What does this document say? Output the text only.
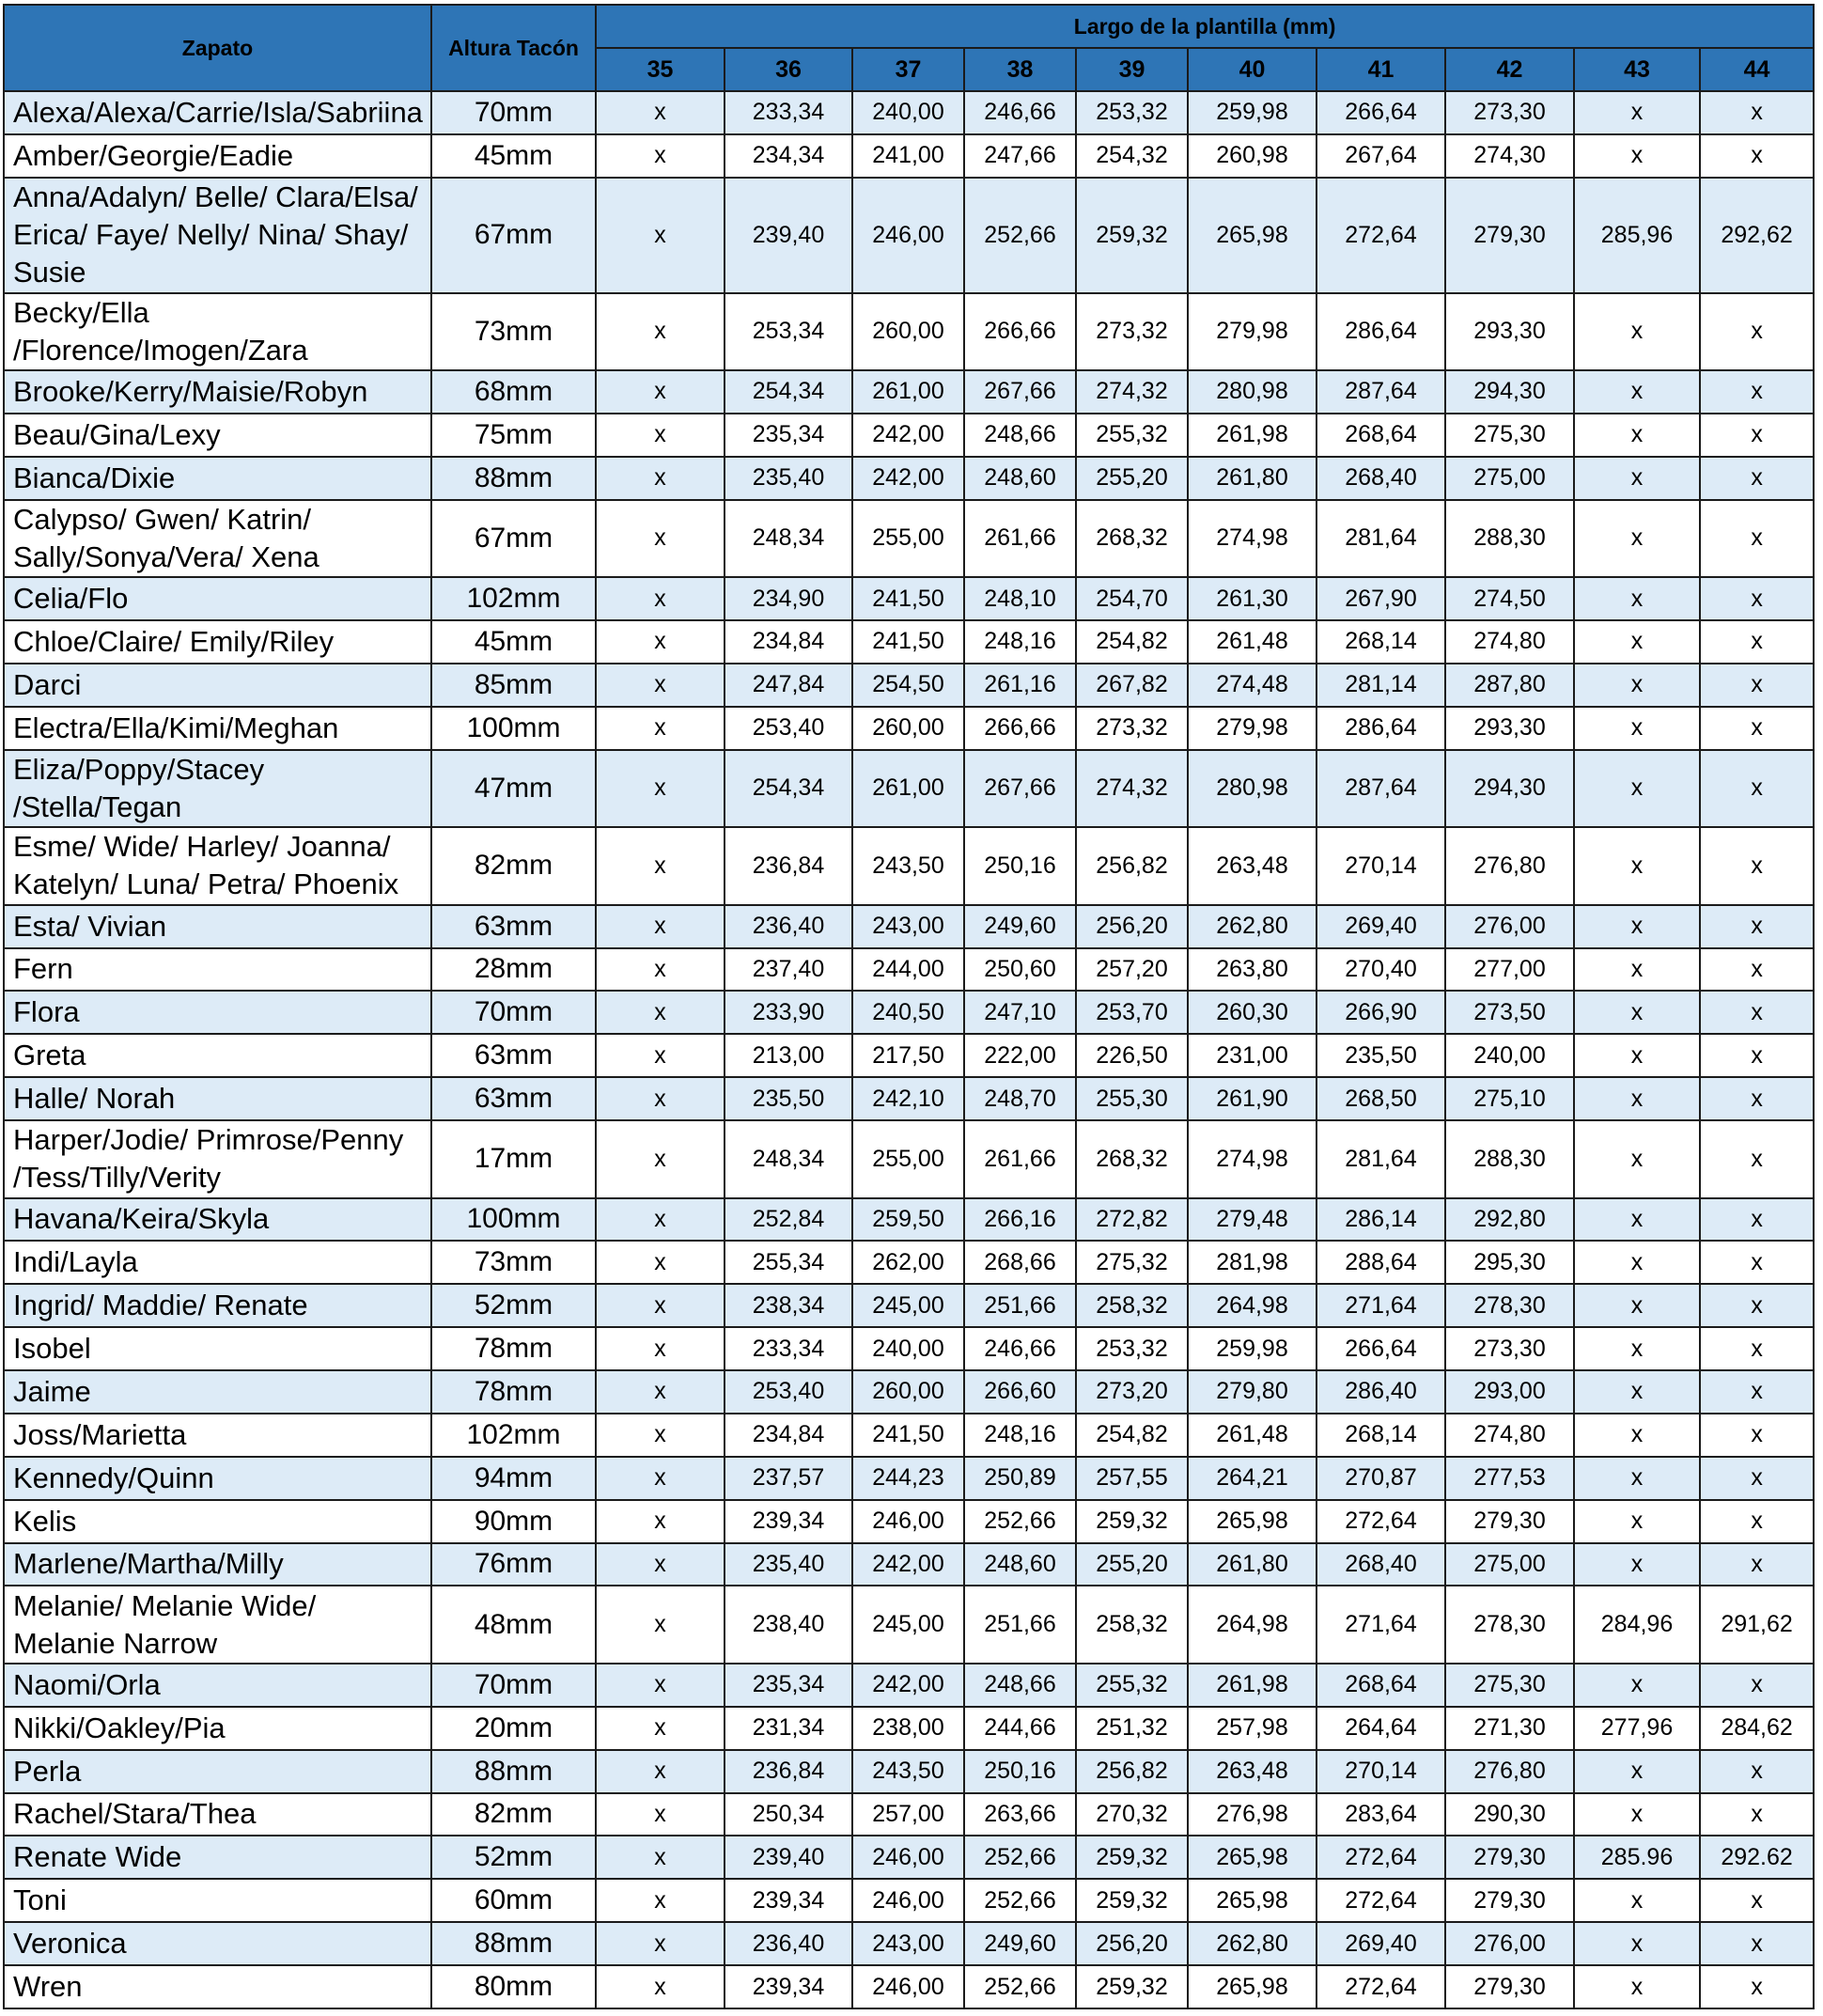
Zapato	Altura Tacón	Largo de la plantilla (mm)									
		35	36	37	38	39	40	41	42	43	44

Alexa/Alexa/Carrie/Isla/Sabriina	70mm	x	233,34	240,00	246,66	253,32	259,98	266,64	273,30	x	x

Amber/Georgie/Eadie	45mm	x	234,34	241,00	247,66	254,32	260,98	267,64	274,30	x	x

Anna/Adalyn/ Belle/ Clara/Elsa/
Erica/ Faye/ Nelly/ Nina/ Shay/
Susie	67mm	x	239,40	246,00	252,66	259,32	265,98	272,64	279,30	285,96	292,62

Becky/Ella
/Florence/Imogen/Zara	73mm	x	253,34	260,00	266,66	273,32	279,98	286,64	293,30	x	x

Brooke/Kerry/Maisie/Robyn	68mm	x	254,34	261,00	267,66	274,32	280,98	287,64	294,30	x	x

Beau/Gina/Lexy	75mm	x	235,34	242,00	248,66	255,32	261,98	268,64	275,30	x	x

Bianca/Dixie	88mm	x	235,40	242,00	248,60	255,20	261,80	268,40	275,00	x	x

Calypso/ Gwen/ Katrin/
Sally/Sonya/Vera/ Xena	67mm	x	248,34	255,00	261,66	268,32	274,98	281,64	288,30	x	x

Celia/Flo	102mm	x	234,90	241,50	248,10	254,70	261,30	267,90	274,50	x	x

Chloe/Claire/ Emily/Riley	45mm	x	234,84	241,50	248,16	254,82	261,48	268,14	274,80	x	x

Darci	85mm	x	247,84	254,50	261,16	267,82	274,48	281,14	287,80	x	x

Electra/Ella/Kimi/Meghan	100mm	x	253,40	260,00	266,66	273,32	279,98	286,64	293,30	x	x

Eliza/Poppy/Stacey
/Stella/Tegan	47mm	x	254,34	261,00	267,66	274,32	280,98	287,64	294,30	x	x

Esme/ Wide/ Harley/ Joanna/
Katelyn/ Luna/ Petra/ Phoenix	82mm	x	236,84	243,50	250,16	256,82	263,48	270,14	276,80	x	x

Esta/ Vivian	63mm	x	236,40	243,00	249,60	256,20	262,80	269,40	276,00	x	x

Fern	28mm	x	237,40	244,00	250,60	257,20	263,80	270,40	277,00	x	x

Flora	70mm	x	233,90	240,50	247,10	253,70	260,30	266,90	273,50	x	x

Greta	63mm	x	213,00	217,50	222,00	226,50	231,00	235,50	240,00	x	x

Halle/ Norah	63mm	x	235,50	242,10	248,70	255,30	261,90	268,50	275,10	x	x

Harper/Jodie/ Primrose/Penny
/Tess/Tilly/Verity	17mm	x	248,34	255,00	261,66	268,32	274,98	281,64	288,30	x	x

Havana/Keira/Skyla	100mm	x	252,84	259,50	266,16	272,82	279,48	286,14	292,80	x	x

Indi/Layla	73mm	x	255,34	262,00	268,66	275,32	281,98	288,64	295,30	x	x

Ingrid/ Maddie/ Renate	52mm	x	238,34	245,00	251,66	258,32	264,98	271,64	278,30	x	x

Isobel	78mm	x	233,34	240,00	246,66	253,32	259,98	266,64	273,30	x	x

Jaime	78mm	x	253,40	260,00	266,60	273,20	279,80	286,40	293,00	x	x

Joss/Marietta	102mm	x	234,84	241,50	248,16	254,82	261,48	268,14	274,80	x	x

Kennedy/Quinn	94mm	x	237,57	244,23	250,89	257,55	264,21	270,87	277,53	x	x

Kelis	90mm	x	239,34	246,00	252,66	259,32	265,98	272,64	279,30	x	x

Marlene/Martha/Milly	76mm	x	235,40	242,00	248,60	255,20	261,80	268,40	275,00	x	x

Melanie/ Melanie Wide/
Melanie Narrow	48mm	x	238,40	245,00	251,66	258,32	264,98	271,64	278,30	284,96	291,62

Naomi/Orla	70mm	x	235,34	242,00	248,66	255,32	261,98	268,64	275,30	x	x

Nikki/Oakley/Pia	20mm	x	231,34	238,00	244,66	251,32	257,98	264,64	271,30	277,96	284,62

Perla	88mm	x	236,84	243,50	250,16	256,82	263,48	270,14	276,80	x	x

Rachel/Stara/Thea	82mm	x	250,34	257,00	263,66	270,32	276,98	283,64	290,30	x	x

Renate Wide	52mm	x	239,40	246,00	252,66	259,32	265,98	272,64	279,30	285.96	292.62

Toni	60mm	x	239,34	246,00	252,66	259,32	265,98	272,64	279,30	x	x

Veronica	88mm	x	236,40	243,00	249,60	256,20	262,80	269,40	276,00	x	x

Wren	80mm	x	239,34	246,00	252,66	259,32	265,98	272,64	279,30	x	x
